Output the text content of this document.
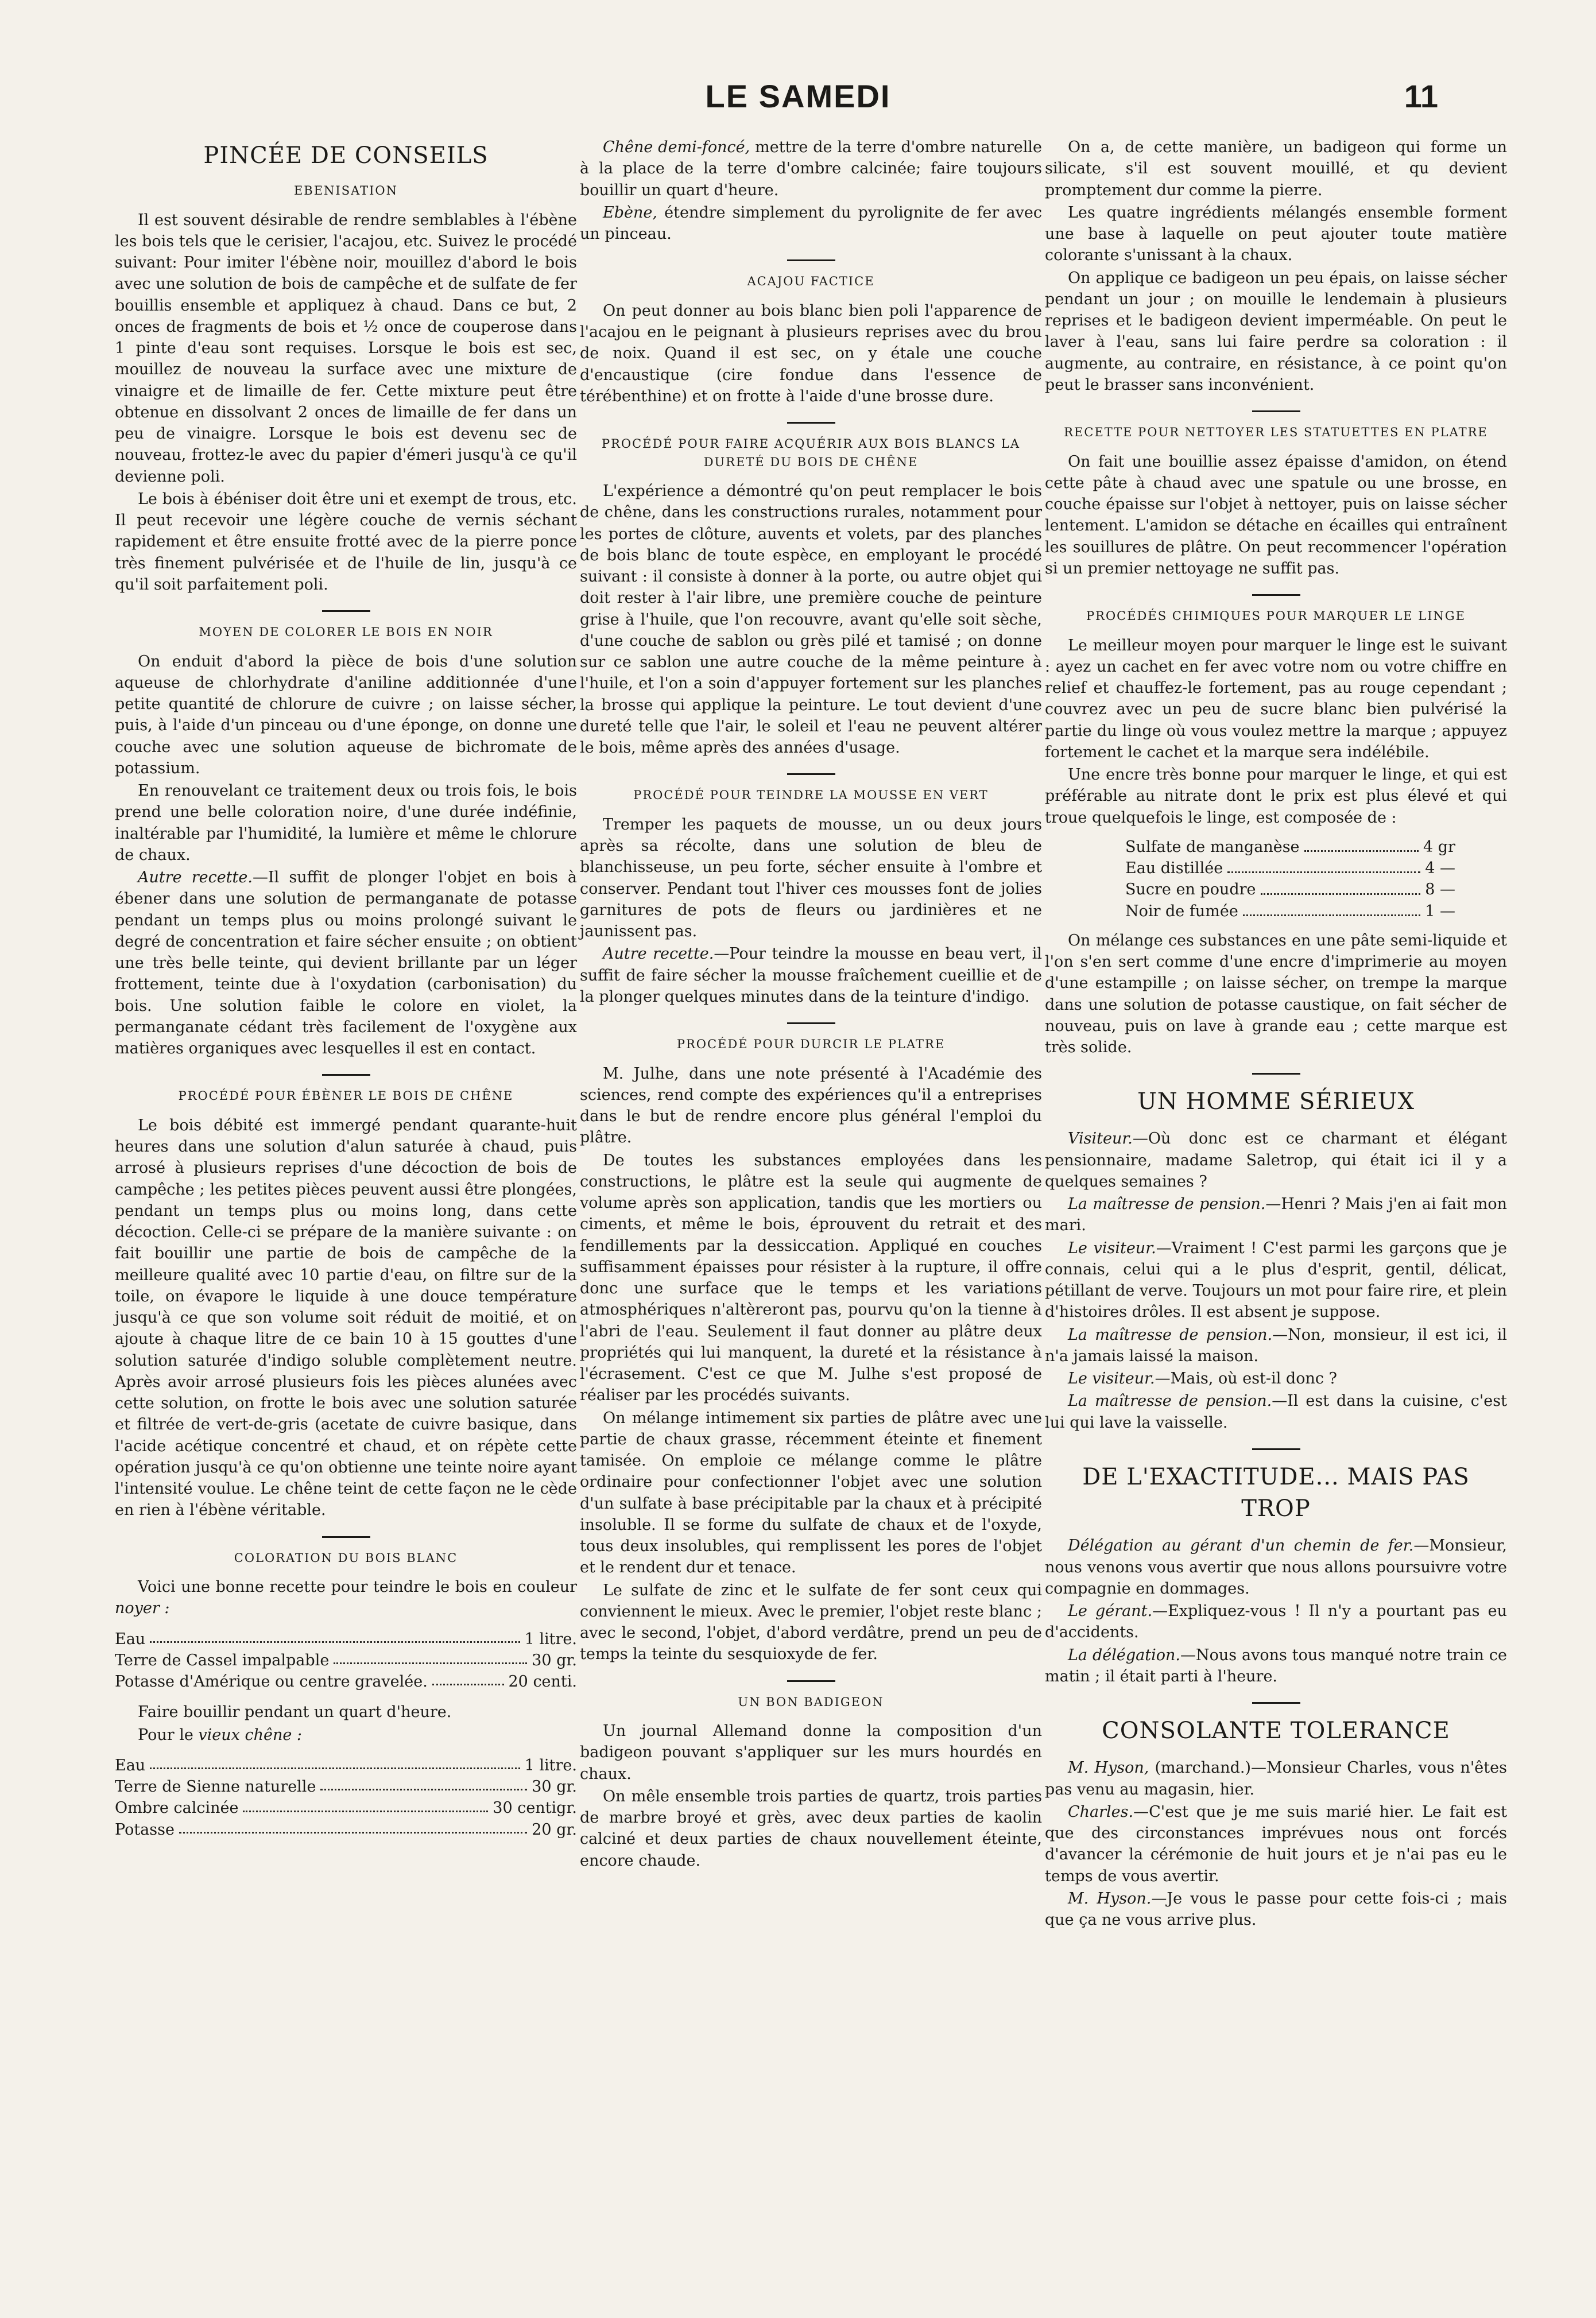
LE SAMEDI	11
PINCÉE DE CONSEILS
EBENISATION

Il est souvent désirable de rendre semblables à l'ébène les bois tels que le cerisier, l'acajou, etc. Suivez le procédé suivant: Pour imiter l'ébène noir, mouillez d'abord le bois avec une solution de bois de campêche et de sulfate de fer bouillis ensemble et appliquez à chaud. Dans ce but, 2 onces de fragments de bois et ½ once de couperose dans 1 pinte d'eau sont requises. Lorsque le bois est sec, mouillez de nouveau la surface avec une mixture de vinaigre et de limaille de fer. Cette mixture peut être obtenue en dissolvant 2 onces de limaille de fer dans un peu de vinaigre. Lorsque le bois est devenu sec de nouveau, frottez-le avec du papier d'émeri jusqu'à ce qu'il devienne poli.

Le bois à ébéniser doit être uni et exempt de trous, etc. Il peut recevoir une légère couche de vernis séchant rapidement et être ensuite frotté avec de la pierre ponce très finement pulvérisée et de l'huile de lin, jusqu'à ce qu'il soit parfaitement poli.

MOYEN DE COLORER LE BOIS EN NOIR

On enduit d'abord la pièce de bois d'une solution aqueuse de chlorhydrate d'aniline additionnée d'une petite quantité de chlorure de cuivre ; on laisse sécher, puis, à l'aide d'un pinceau ou d'une éponge, on donne une couche avec une solution aqueuse de bichromate de potassium.

En renouvelant ce traitement deux ou trois fois, le bois prend une belle coloration noire, d'une durée indéfinie, inaltérable par l'humidité, la lumière et même le chlorure de chaux.

Autre recette.—Il suffit de plonger l'objet en bois à ébener dans une solution de permanganate de potasse pendant un temps plus ou moins prolongé suivant le degré de concentration et faire sécher ensuite ; on obtient une très belle teinte, qui devient brillante par un léger frottement, teinte due à l'oxydation (carbonisation) du bois. Une solution faible le colore en violet, la permanganate cédant très facilement de l'oxygène aux matières organiques avec lesquelles il est en contact.

PROCÉDÉ POUR ÉBÈNER LE BOIS DE CHÊNE

Le bois débité est immergé pendant quarante-huit heures dans une solution d'alun saturée à chaud, puis arrosé à plusieurs reprises d'une décoction de bois de campêche ; les petites pièces peuvent aussi être plongées, pendant un temps plus ou moins long, dans cette décoction. Celle-ci se prépare de la manière suivante : on fait bouillir une partie de bois de campêche de la meilleure qualité avec 10 partie d'eau, on filtre sur de la toile, on évapore le liquide à une douce température jusqu'à ce que son volume soit réduit de moitié, et on ajoute à chaque litre de ce bain 10 à 15 gouttes d'une solution saturée d'indigo soluble complètement neutre. Après avoir arrosé plusieurs fois les pièces alunées avec cette solution, on frotte le bois avec une solution saturée et filtrée de vert-de-gris (acetate de cuivre basique, dans l'acide acétique concentré et chaud, et on répète cette opération jusqu'à ce qu'on obtienne une teinte noire ayant l'intensité voulue. Le chêne teint de cette façon ne le cède en rien à l'ébène véritable.

COLORATION DU BOIS BLANC

Voici une bonne recette pour teindre le bois en couleur noyer :

Eau	1 litre.
Terre de Cassel impalpable	30 gr.
Potasse d'Amérique ou centre gravelée.	20 centi.

Faire bouillir pendant un quart d'heure.

Pour le vieux chêne :

Eau	1 litre.
Terre de Sienne naturelle	30 gr.
Ombre calcinée	30 centigr.
Potasse	20 gr.

Chêne demi-foncé, mettre de la terre d'ombre naturelle à la place de la terre d'ombre calcinée; faire toujours bouillir un quart d'heure.

Ebène, étendre simplement du pyrolignite de fer avec un pinceau.

ACAJOU FACTICE

On peut donner au bois blanc bien poli l'apparence de l'acajou en le peignant à plusieurs reprises avec du brou de noix. Quand il est sec, on y étale une couche d'encaustique (cire fondue dans l'essence de térébenthine) et on frotte à l'aide d'une brosse dure.

PROCÉDÉ POUR FAIRE ACQUÉRIR AUX BOIS BLANCS LA DURETÉ DU BOIS DE CHÊNE

L'expérience a démontré qu'on peut remplacer le bois de chêne, dans les constructions rurales, notamment pour les portes de clôture, auvents et volets, par des planches de bois blanc de toute espèce, en employant le procédé suivant : il consiste à donner à la porte, ou autre objet qui doit rester à l'air libre, une première couche de peinture grise à l'huile, que l'on recouvre, avant qu'elle soit sèche, d'une couche de sablon ou grès pilé et tamisé ; on donne sur ce sablon une autre couche de la même peinture à l'huile, et l'on a soin d'appuyer fortement sur les planches la brosse qui applique la peinture. Le tout devient d'une dureté telle que l'air, le soleil et l'eau ne peuvent altérer le bois, même après des années d'usage.

PROCÉDÉ POUR TEINDRE LA MOUSSE EN VERT

Tremper les paquets de mousse, un ou deux jours après sa récolte, dans une solution de bleu de blanchisseuse, un peu forte, sécher ensuite à l'ombre et conserver. Pendant tout l'hiver ces mousses font de jolies garnitures de pots de fleurs ou jardinières et ne jaunissent pas.

Autre recette.—Pour teindre la mousse en beau vert, il suffit de faire sécher la mousse fraîchement cueillie et de la plonger quelques minutes dans de la teinture d'indigo.

PROCÉDÉ POUR DURCIR LE PLATRE

M. Julhe, dans une note présenté à l'Académie des sciences, rend compte des expériences qu'il a entreprises dans le but de rendre encore plus général l'emploi du plâtre.

De toutes les substances employées dans les constructions, le plâtre est la seule qui augmente de volume après son application, tandis que les mortiers ou ciments, et même le bois, éprouvent du retrait et des fendillements par la dessiccation. Appliqué en couches suffisamment épaisses pour résister à la rupture, il offre donc une surface que le temps et les variations atmosphériques n'altèreront pas, pourvu qu'on la tienne à l'abri de l'eau. Seulement il faut donner au plâtre deux propriétés qui lui manquent, la dureté et la résistance à l'écrasement. C'est ce que M. Julhe s'est proposé de réaliser par les procédés suivants.

On mélange intimement six parties de plâtre avec une partie de chaux grasse, récemment éteinte et finement tamisée. On emploie ce mélange comme le plâtre ordinaire pour confectionner l'objet avec une solution d'un sulfate à base précipitable par la chaux et à précipité insoluble. Il se forme du sulfate de chaux et de l'oxyde, tous deux insolubles, qui remplissent les pores de l'objet et le rendent dur et tenace.

Le sulfate de zinc et le sulfate de fer sont ceux qui conviennent le mieux. Avec le premier, l'objet reste blanc ; avec le second, l'objet, d'abord verdâtre, prend un peu de temps la teinte du sesquioxyde de fer.

UN BON BADIGEON

Un journal Allemand donne la composition d'un badigeon pouvant s'appliquer sur les murs hourdés en chaux.

On mêle ensemble trois parties de quartz, trois parties de marbre broyé et grès, avec deux parties de kaolin calciné et deux parties de chaux nouvellement éteinte, encore chaude.

On a, de cette manière, un badigeon qui forme un silicate, s'il est souvent mouillé, et qu devient promptement dur comme la pierre.

Les quatre ingrédients mélangés ensemble forment une base à laquelle on peut ajouter toute matière colorante s'unissant à la chaux.

On applique ce badigeon un peu épais, on laisse sécher pendant un jour ; on mouille le lendemain à plusieurs reprises et le badigeon devient imperméable. On peut le laver à l'eau, sans lui faire perdre sa coloration : il augmente, au contraire, en résistance, à ce point qu'on peut le brasser sans inconvénient.

RECETTE POUR NETTOYER LES STATUETTES EN PLATRE

On fait une bouillie assez épaisse d'amidon, on étend cette pâte à chaud avec une spatule ou une brosse, en couche épaisse sur l'objet à nettoyer, puis on laisse sécher lentement. L'amidon se détache en écailles qui entraînent les souillures de plâtre. On peut recommencer l'opération si un premier nettoyage ne suffit pas.

PROCÉDÉS CHIMIQUES POUR MARQUER LE LINGE

Le meilleur moyen pour marquer le linge est le suivant : ayez un cachet en fer avec votre nom ou votre chiffre en relief et chauffez-le fortement, pas au rouge cependant ; couvrez avec un peu de sucre blanc bien pulvérisé la partie du linge où vous voulez mettre la marque ; appuyez fortement le cachet et la marque sera indélébile.

Une encre très bonne pour marquer le linge, et qui est préférable au nitrate dont le prix est plus élevé et qui troue quelquefois le linge, est composée de :

Sulfate de manganèse	4 gr
Eau distillée	4 —
Sucre en poudre	8 —
Noir de fumée	1 —

On mélange ces substances en une pâte semi-liquide et l'on s'en sert comme d'une encre d'imprimerie au moyen d'une estampille ; on laisse sécher, on trempe la marque dans une solution de potasse caustique, on fait sécher de nouveau, puis on lave à grande eau ; cette marque est très solide.

UN HOMME SÉRIEUX

Visiteur.—Où donc est ce charmant et élégant pensionnaire, madame Saletrop, qui était ici il y a quelques semaines ?

La maîtresse de pension.—Henri ? Mais j'en ai fait mon mari.

Le visiteur.—Vraiment ! C'est parmi les garçons que je connais, celui qui a le plus d'esprit, gentil, délicat, pétillant de verve. Toujours un mot pour faire rire, et plein d'histoires drôles. Il est absent je suppose.

La maîtresse de pension.—Non, monsieur, il est ici, il n'a jamais laissé la maison.

Le visiteur.—Mais, où est-il donc ?

La maîtresse de pension.—Il est dans la cuisine, c'est lui qui lave la vaisselle.

DE L'EXACTITUDE... MAIS PAS TROP

Délégation au gérant d'un chemin de fer.—Monsieur, nous venons vous avertir que nous allons poursuivre votre compagnie en dommages.

Le gérant.—Expliquez-vous ! Il n'y a pourtant pas eu d'accidents.

La délégation.—Nous avons tous manqué notre train ce matin ; il était parti à l'heure.

CONSOLANTE TOLERANCE

M. Hyson, (marchand.)—Monsieur Charles, vous n'êtes pas venu au magasin, hier.

Charles.—C'est que je me suis marié hier. Le fait est que des circonstances imprévues nous ont forcés d'avancer la cérémonie de huit jours et je n'ai pas eu le temps de vous avertir.

M. Hyson.—Je vous le passe pour cette fois-ci ; mais que ça ne vous arrive plus.
